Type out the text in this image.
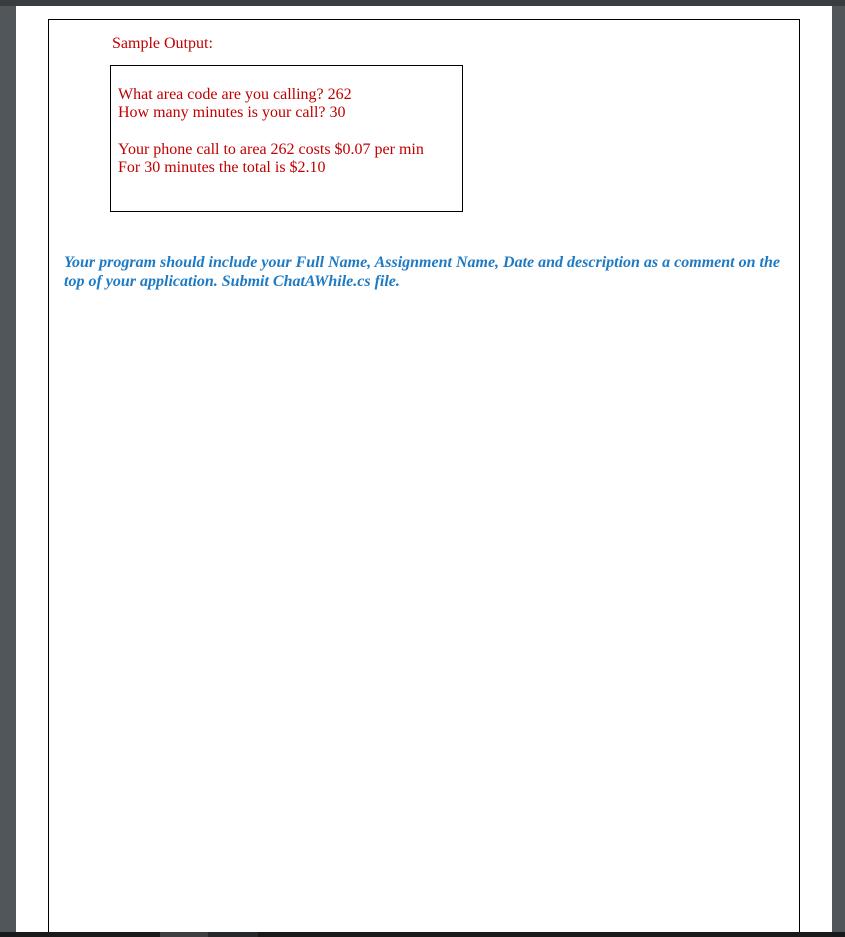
Sample Output:
What area code are you calling? 262
How many minutes is your call? 30
Your phone call to area 262 costs $0.07 per min
For 30 minutes the total is $2.10
Your program should include your Full Name, Assignment Name, Date and description as a comment on the top of your application. Submit ChatAWhile.cs file.
